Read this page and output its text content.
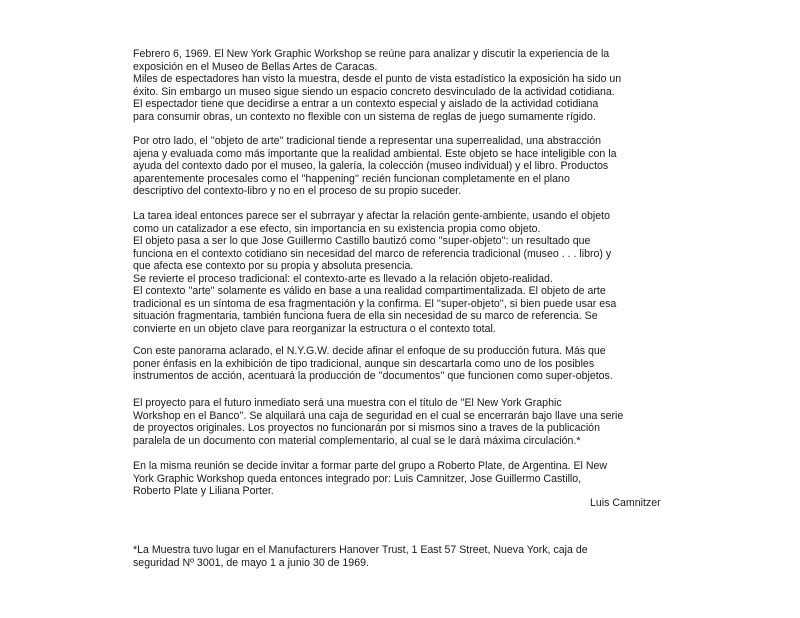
Febrero 6, 1969. El New York Graphic Workshop se reúne para analizar y discutir la experiencia de la
exposición en el Museo de Bellas Artes de Caracas.
Miles de espectadores han visto la muestra, desde el punto de vista estadístico la exposición ha sido un
éxito. Sin embargo un museo sigue siendo un espacio concreto desvinculado de la actividad cotidiana.
El espectador tiene que decidirse a entrar a un contexto especial y aislado de la actividad cotidiana
para consumir obras, un contexto no flexible con un sistema de reglas de juego sumamente rígido.

Por otro lado, el ''objeto de arte'' tradicional tiende a representar una superrealidad, una abstracción
ajena y evaluada como más importante que la realidad ambiental. Este objeto se hace inteligible con la
ayuda del contexto dado por el museo, la galería, la colección (museo individual) y el libro. Productos
aparentemente procesales como el ''happening'' recién funcionan completamente en el plano
descriptivo del contexto-libro y no en el proceso de su propio suceder.

La tarea ideal entonces parece ser el subrrayar y afectar la relación gente-ambiente, usando el objeto
como un catalizador a ese efecto, sin importancia en su existencia propia como objeto.
El objeto pasa a ser lo que Jose Guillermo Castillo bautizó como ''super-objeto'': un resultado que
funciona en el contexto cotidiano sin necesidad del marco de referencia tradicional (museo . . . libro) y
que afecta ese contexto por su propia y absoluta presencia.
Se revierte el proceso tradicional: el contexto-arte es llevado a la relación objeto-realidad.

El contexto ''arte'' solamente es válido en base a una realidad compartimentalizada. El objeto de arte
tradicional es un síntoma de esa fragmentación y la confirma. El ''super-objeto'', si bien puede usar esa
situación fragmentaria, también funciona fuera de ella sin necesidad de su marco de referencia. Se
convierte en un objeto clave para reorganizar la estructura o el contexto total.

Con este panorama aclarado, el N.Y.G.W. decide afinar el enfoque de su producción futura. Más que
poner énfasis en la exhibición de tipo tradicional, aunque sin descartarla como uno de los posibles
instrumentos de acción, acentuará la producción de ''documentos'' que funcionen como super-objetos.

El proyecto para el futuro inmediato será una muestra con el título de ''El New York Graphic
Workshop en el Banco''. Se alquilará una caja de seguridad en el cual se encerrarán bajo llave una serie
de proyectos originales. Los proyectos no funcionarán por si mismos sino a traves de la publicación
paralela de un documento con material complementario, al cual se le dará máxima circulación.*

En la misma reunión se decide invitar a formar parte del grupo a Roberto Plate, de Argentina. El New
York Graphic Workshop queda entonces integrado por: Luis Camnitzer, Jose Guillermo Castillo,
Roberto Plate y Liliana Porter.

Luis Camnitzer

*La Muestra tuvo lugar en el Manufacturers Hanover Trust, 1 East 57 Street, Nueva York, caja de
seguridad Nº 3001, de mayo 1 a junio 30 de 1969.
